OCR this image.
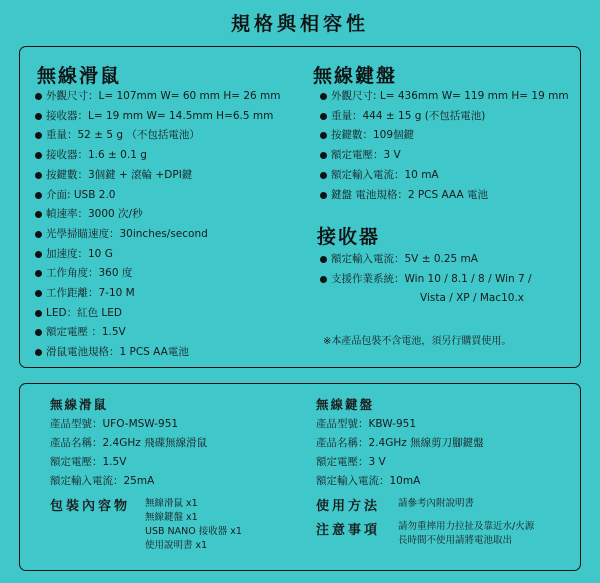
規格與相容性
無線滑鼠
外觀尺寸：L= 107mm W= 60 mm H= 26 mm
接收器：L= 19 mm W= 14.5mm H=6.5 mm
重量：52 ± 5 g （不包括電池）
接收器：1.6 ± 0.1 g
按鍵數：3個鍵 + 滾輪 +DPI鍵
介面: USB 2.0
幀速率：3000 次/秒
光學掃瞄速度：30inches/second
加速度：10 G
工作角度：360 度
工作距離：7-10 M
LED：紅色 LED
額定電壓 ：1.5V
滑鼠電池規格：1 PCS AA電池
無線鍵盤
外觀尺寸: L= 436mm W= 119 mm H= 19 mm
重量：444 ± 15 g (不包括電池)
按鍵數：109個鍵
額定電壓：3 V
額定輸入電流：10 mA
鍵盤 電池規格：2 PCS AAA 電池
接收器
額定輸入電流：5V ± 0.25 mA
支援作業系統：Win 10 / 8.1 / 8 / Win 7 /
Vista / XP / Mac10.x
※本產品包裝不含電池，須另行購買使用。
無線滑鼠
產品型號：UFO-MSW-951
產品名稱：2.4GHz 飛碟無線滑鼠
額定電壓：1.5V
額定輸入電流：25mA
無線鍵盤
產品型號：KBW-951
產品名稱：2.4GHz 無線剪刀腳鍵盤
額定電壓：3 V
額定輸入電流：10mA
包裝內容物 無線滑鼠 x1
無線鍵盤 x1
USB NANO 接收器 x1
使用說明書 x1
使用方法 請參考內附說明書
注意事項 請勿重摔用力拉扯及靠近水/火源
長時間不使用請將電池取出
